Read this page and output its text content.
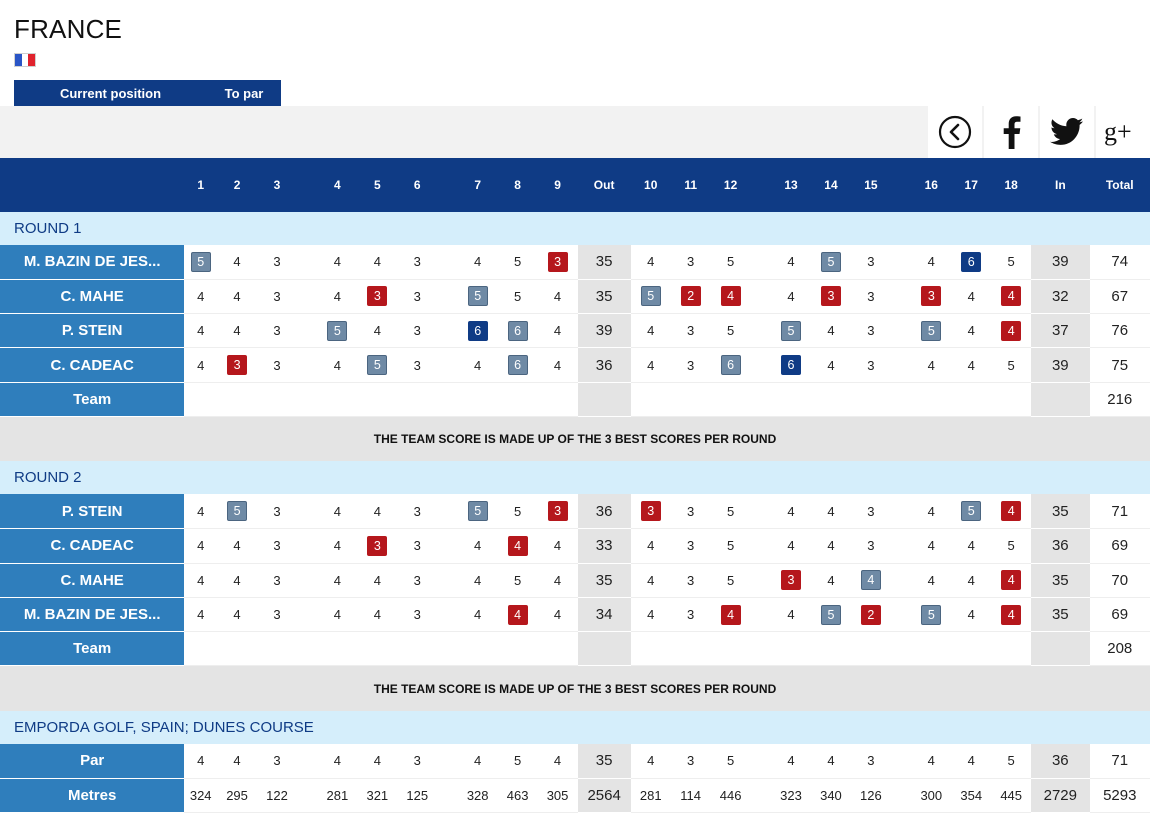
FRANCE
Current position	To par

g+
	1	2	3		4	5	6		7	8	9	Out	10	11	12		13	14	15		16	17	18	In	Total
ROUND 1																									
M. BAZIN DE JES...	5	4	3		4	4	3		4	5	3	35	4	3	5		4	5	3		4	6	5	39	74
C. MAHE	4	4	3		4	3	3		5	5	4	35	5	2	4		4	3	3		3	4	4	32	67
P. STEIN	4	4	3		5	4	3		6	6	4	39	4	3	5		5	4	3		5	4	4	37	76
C. CADEAC	4	3	3		4	5	3		4	6	4	36	4	3	6		6	4	3		4	4	5	39	75
Team																									216
THE TEAM SCORE IS MADE UP OF THE 3 BEST SCORES PER ROUND																									
ROUND 2																									
P. STEIN	4	5	3		4	4	3		5	5	3	36	3	3	5		4	4	3		4	5	4	35	71
C. CADEAC	4	4	3		4	3	3		4	4	4	33	4	3	5		4	4	3		4	4	5	36	69
C. MAHE	4	4	3		4	4	3		4	5	4	35	4	3	5		3	4	4		4	4	4	35	70
M. BAZIN DE JES...	4	4	3		4	4	3		4	4	4	34	4	3	4		4	5	2		5	4	4	35	69
Team																									208
THE TEAM SCORE IS MADE UP OF THE 3 BEST SCORES PER ROUND																									
EMPORDA GOLF, SPAIN; DUNES COURSE																									
Par	4	4	3		4	4	3		4	5	4	35	4	3	5		4	4	3		4	4	5	36	71
Metres	324	295	122		281	321	125		328	463	305	2564	281	114	446		323	340	126		300	354	445	2729	5293
